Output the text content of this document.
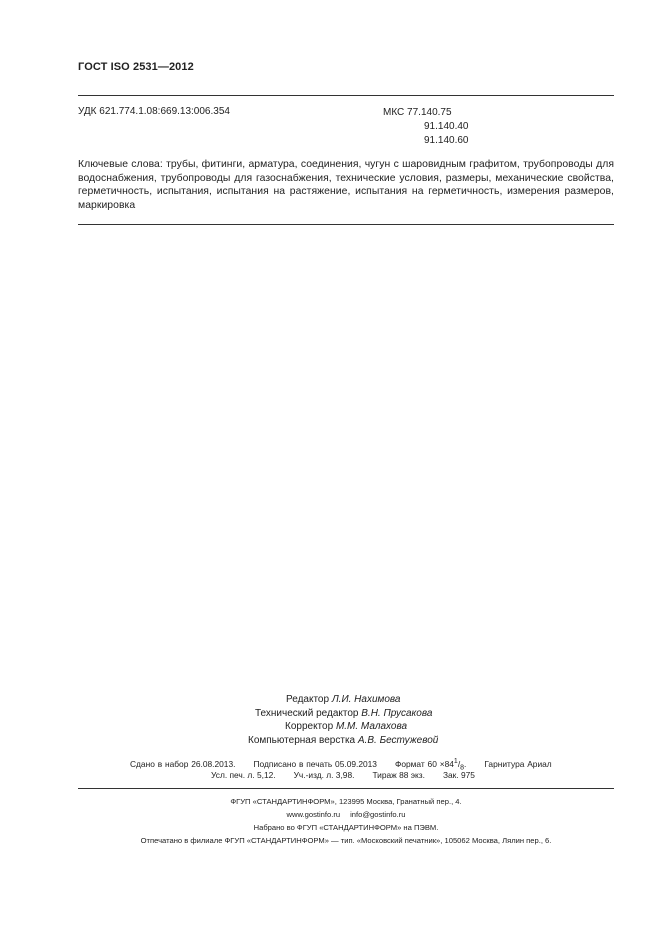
ГОСТ ISO 2531—2012
УДК 621.774.1.08:669.13:006.354	МКС 77.140.75
91.140.40
91.140.60
Ключевые слова: трубы, фитинги, арматура, соединения, чугун с шаровидным графитом, трубопроводы для водоснабжения, трубопроводы для газоснабжения, технические условия, размеры, механические свойства, герметичность, испытания, испытания на растяжение, испытания на герметичность, измерения размеров, маркировка
Редактор Л.И. Нахимова
Технический редактор В.Н. Прусакова
Корректор М.М. Малахова
Компьютерная верстка А.В. Бестужевой
Сдано в набор 26.08.2013. Подписано в печать 05.09.2013 Формат $60 \times 84^1/_8$. Гарнитура Ариал
Усл. печ. л. 5,12. Уч.-изд. л. 3,98. Тираж 88 экз. Зак. 975
ФГУП «СТАНДАРТИНФОРМ», 123995 Москва, Гранатный пер., 4.
www.gostinfo.ru info@gostinfo.ru
Набрано во ФГУП «СТАНДАРТИНФОРМ» на ПЭВМ.
Отпечатано в филиале ФГУП «СТАНДАРТИНФОРМ» — тип. «Московский печатник», 105062 Москва, Лялин пер., 6.
